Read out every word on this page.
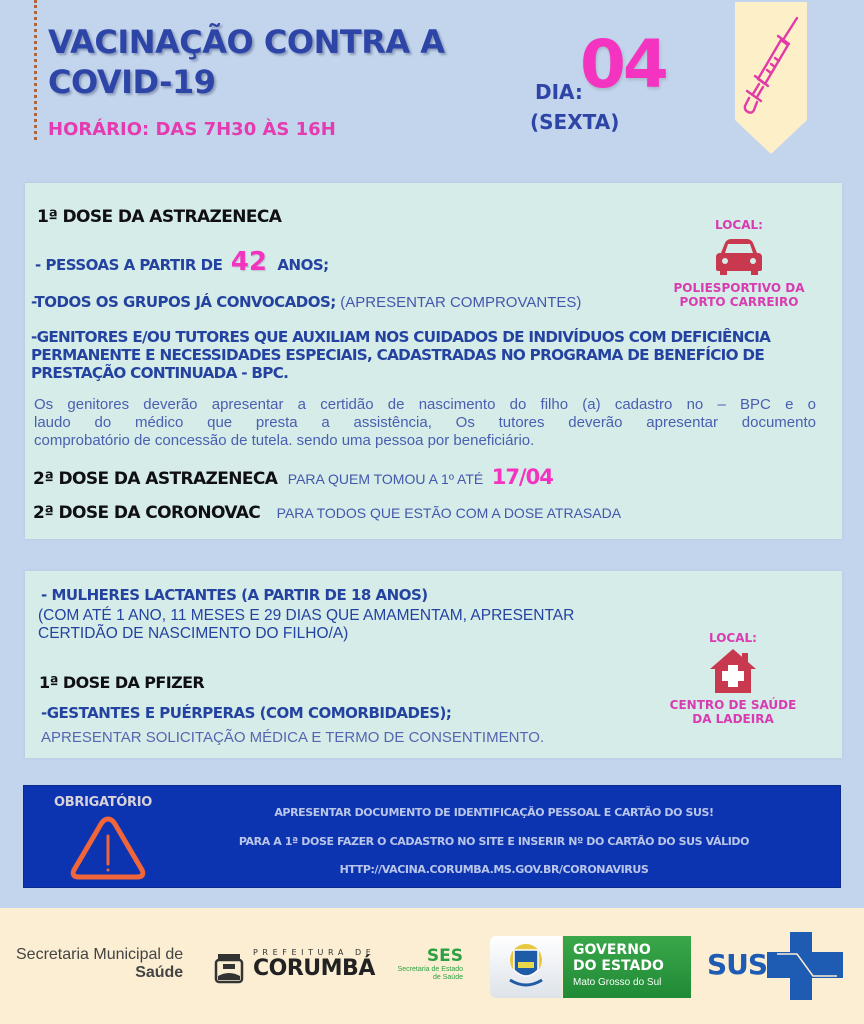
VACINAÇÃO CONTRA A COVID-19
HORÁRIO: DAS 7H30 ÀS 16H
DIA:
04
(SEXTA)
1ª DOSE DA ASTRAZENECA
- PESSOAS A PARTIR DE 42 ANOS;
-TODOS OS GRUPOS JÁ CONVOCADOS; (APRESENTAR COMPROVANTES)
-GENITORES E/OU TUTORES QUE AUXILIAM NOS CUIDADOS DE INDIVÍDUOS COM DEFICIÊNCIA
PERMANENTE E NECESSIDADES ESPECIAIS, CADASTRADAS NO PROGRAMA DE BENEFÍCIO DE
PRESTAÇÃO CONTINUADA - BPC.
Os genitores deverão apresentar a certidão de nascimento do filho (a) cadastro no – BPC e o
laudo do médico que presta a assistência, Os tutores deverão apresentar documento
comprobatório de concessão de tutela. sendo uma pessoa por beneficiário.
2ª DOSE DA ASTRAZENECA PARA QUEM TOMOU A 1º ATÉ 17/04
2ª DOSE DA CORONOVAC PARA TODOS QUE ESTÃO COM A DOSE ATRASADA
LOCAL:
POLIESPORTIVO DA
PORTO CARREIRO
- MULHERES LACTANTES (A PARTIR DE 18 ANOS)
(COM ATÉ 1 ANO, 11 MESES E 29 DIAS QUE AMAMENTAM, APRESENTAR
CERTIDÃO DE NASCIMENTO DO FILHO/A)
1ª DOSE DA PFIZER
-GESTANTES E PUÉRPERAS (COM COMORBIDADES);
APRESENTAR SOLICITAÇÃO MÉDICA E TERMO DE CONSENTIMENTO.
LOCAL:
CENTRO DE SAÚDE
DA LADEIRA
OBRIGATÓRIO
APRESENTAR DOCUMENTO DE IDENTIFICAÇÃO PESSOAL E CARTÃO DO SUS!
PARA A 1ª DOSE FAZER O CADASTRO NO SITE E INSERIR Nº DO CARTÃO DO SUS VÁLIDO
HTTP://VACINA.CORUMBA.MS.GOV.BR/CORONAVIRUS
Secretaria Municipal de
Saúde
PREFEITURA DE
CORUMBÁ	SES
Secretaria de Estado
de Saúde
GOVERNO
DO ESTADO
Mato Grosso do Sul
SUS
